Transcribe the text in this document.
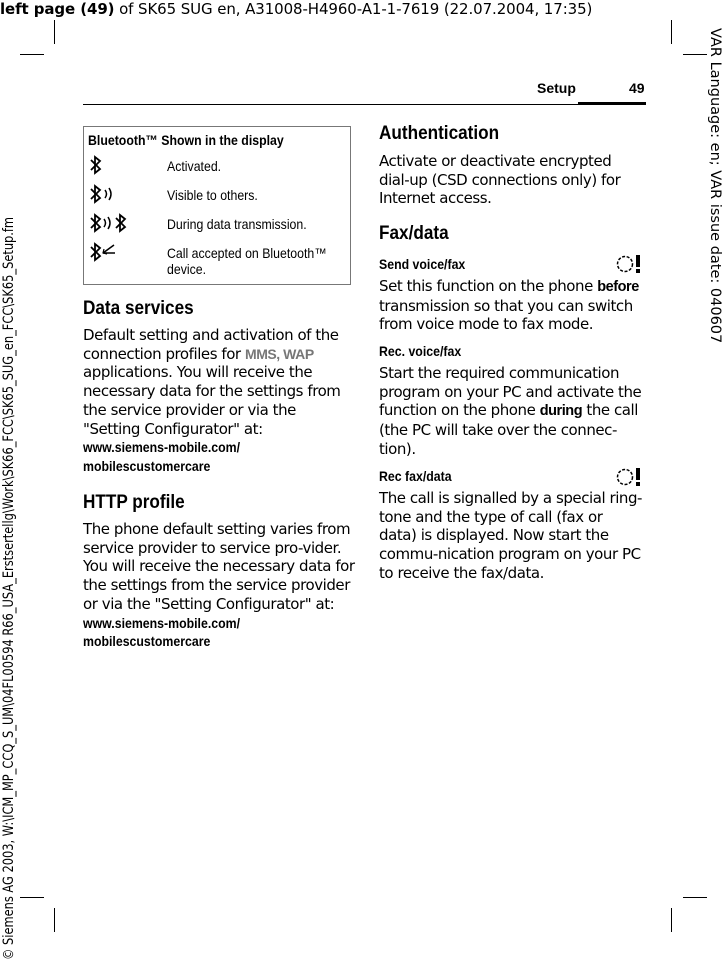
left page (49) of SK65 SUG en, A31008-H4960-A1-1-7619 (22.07.2004, 17:35)
VAR Language: en; VAR issue date: 040607
© Siemens AG 2003, W:\ICM_MP_CCQ_S_UM\04FL00594 R66_USA_Erstsertellg\Work\SK66_FCC\SK65_SUG_en_FCC\SK65_Setup.fm
Setup	49
Bluetooth™ Shown in the display
Activated.
Visible to others.
During data transmission.
Call accepted on Bluetooth™
device.
Data services
Default setting and activation of the connection profiles for MMS, WAP applications. You will receive the necessary data for the settings from the service provider or via the "Setting Configurator" at:
www.siemens-mobile.com/
mobilescustomercare
HTTP profile
The phone default setting varies from service provider to service pro-vider. You will receive the necessary data for the settings from the service provider or via the "Setting Configurator" at:
www.siemens-mobile.com/
mobilescustomercare
Authentication
Activate or deactivate encrypted dial-up (CSD connections only) for Internet access.
Fax/data
Send voice/fax
Set this function on the phone before transmission so that you can switch from voice mode to fax mode.
Rec. voice/fax
Start the required communication program on your PC and activate the function on the phone during the call (the PC will take over the connec-tion).
Rec fax/data
The call is signalled by a special ring-tone and the type of call (fax or data) is displayed. Now start the commu-nication program on your PC to receive the fax/data.
